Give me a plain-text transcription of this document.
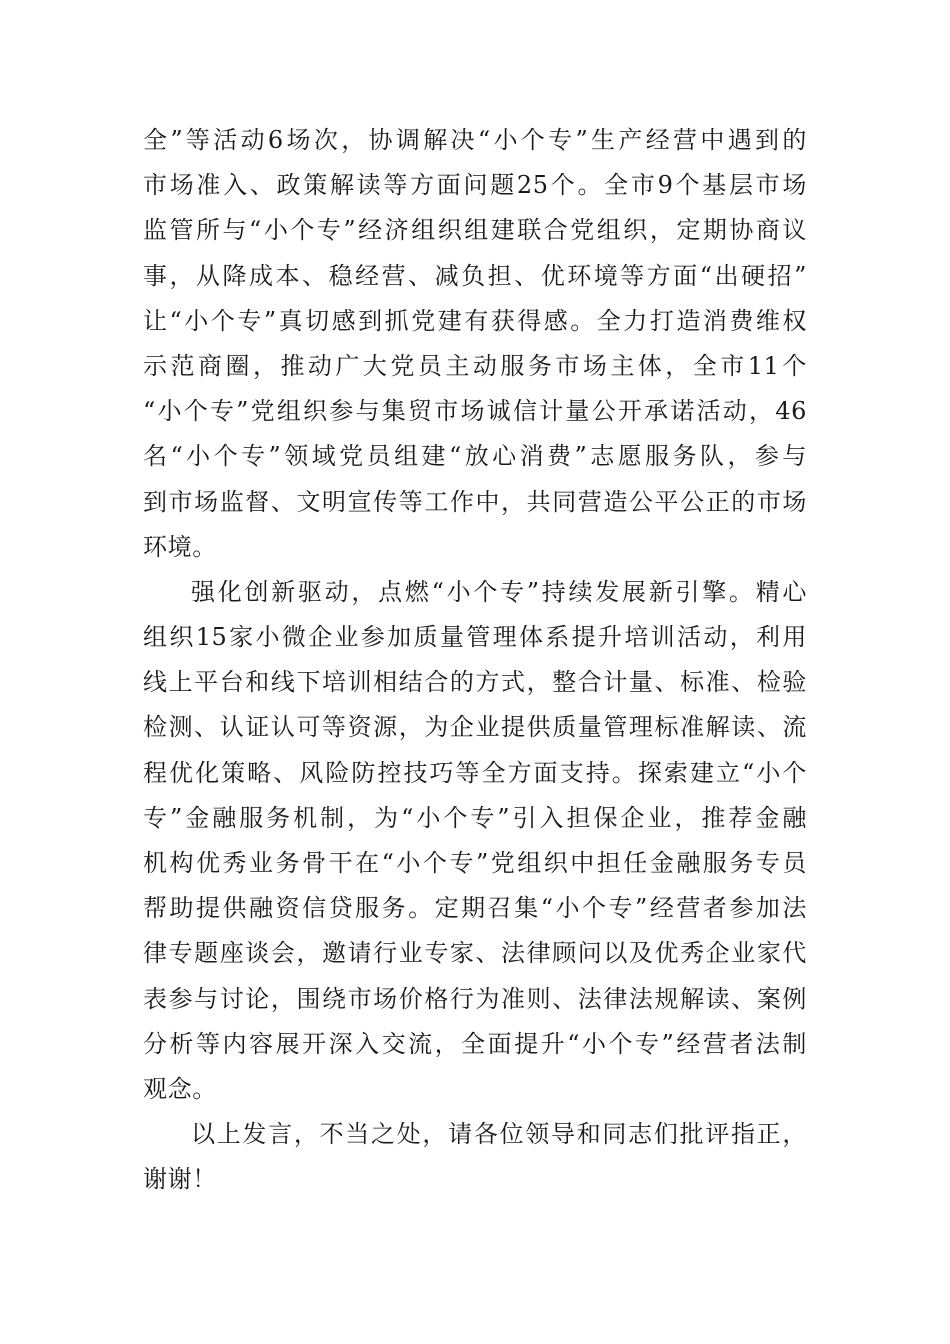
全”等活动6场次，协调解决“小个专”生产经营中遇到的
市场准入、政策解读等方面问题25个。全市9个基层市场
监管所与“小个专”经济组织组建联合党组织，定期协商议
事，从降成本、稳经营、减负担、优环境等方面“出硬招”
让“小个专”真切感到抓党建有获得感。全力打造消费维权
示范商圈，推动广大党员主动服务市场主体，全市11个
“小个专”党组织参与集贸市场诚信计量公开承诺活动，46
名“小个专”领域党员组建“放心消费”志愿服务队，参与
到市场监督、文明宣传等工作中，共同营造公平公正的市场
环境。
强化创新驱动，点燃“小个专”持续发展新引擎。精心
组织15家小微企业参加质量管理体系提升培训活动，利用
线上平台和线下培训相结合的方式，整合计量、标准、检验
检测、认证认可等资源，为企业提供质量管理标准解读、流
程优化策略、风险防控技巧等全方面支持。探索建立“小个
专”金融服务机制，为“小个专”引入担保企业，推荐金融
机构优秀业务骨干在“小个专”党组织中担任金融服务专员
帮助提供融资信贷服务。定期召集“小个专”经营者参加法
律专题座谈会，邀请行业专家、法律顾问以及优秀企业家代
表参与讨论，围绕市场价格行为准则、法律法规解读、案例
分析等内容展开深入交流，全面提升“小个专”经营者法制
观念。
以上发言，不当之处，请各位领导和同志们批评指正，
谢谢！
